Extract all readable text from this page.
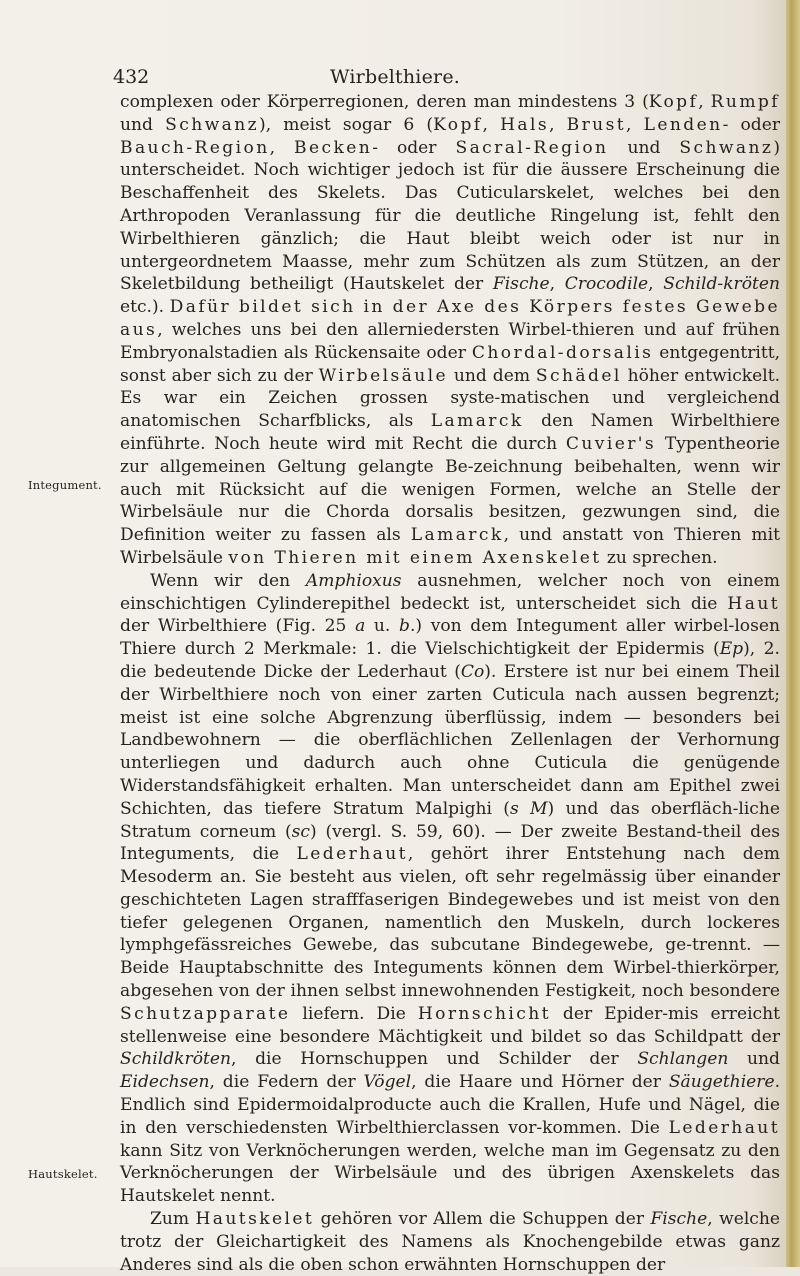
432	Wirbelthiere.
Integument.
Hautskelet.

complexen oder Körperregionen, deren man mindestens 3 (Kopf, Rumpf und Schwanz), meist sogar 6 (Kopf, Hals, Brust, Lenden- oder Bauch-Region, Becken- oder Sacral-Region und Schwanz) unterscheidet. Noch wichtiger jedoch ist für die äussere Erscheinung die Beschaffenheit des Skelets. Das Cuticularskelet, welches bei den Arthropoden Veranlassung für die deutliche Ringelung ist, fehlt den Wirbelthieren gänzlich; die Haut bleibt weich oder ist nur in untergeordnetem Maasse, mehr zum Schützen als zum Stützen, an der Skeletbildung betheiligt (Hautskelet der Fische, Crocodile, Schild-kröten etc.). Dafür bildet sich in der Axe des Körpers festes Gewebe aus, welches uns bei den allerniedersten Wirbel-thieren und auf frühen Embryonalstadien als Rückensaite oder Chordal-dorsalis entgegentritt, sonst aber sich zu der Wirbelsäule und dem Schädel höher entwickelt. Es war ein Zeichen grossen syste-matischen und vergleichend anatomischen Scharfblicks, als Lamarck den Namen Wirbelthiere einführte. Noch heute wird mit Recht die durch Cuvier's Typentheorie zur allgemeinen Geltung gelangte Be-zeichnung beibehalten, wenn wir auch mit Rücksicht auf die wenigen Formen, welche an Stelle der Wirbelsäule nur die Chorda dorsalis besitzen, gezwungen sind, die Definition weiter zu fassen als Lamarck, und anstatt von Thieren mit Wirbelsäule von Thieren mit einem Axenskelet zu sprechen.

Wenn wir den Amphioxus ausnehmen, welcher noch von einem einschichtigen Cylinderepithel bedeckt ist, unterscheidet sich die Haut der Wirbelthiere (Fig. 25 a u. b.) von dem Integument aller wirbel-losen Thiere durch 2 Merkmale: 1. die Vielschichtigkeit der Epidermis (Ep), 2. die bedeutende Dicke der Lederhaut (Co). Erstere ist nur bei einem Theil der Wirbelthiere noch von einer zarten Cuticula nach aussen begrenzt; meist ist eine solche Abgrenzung überflüssig, indem — besonders bei Landbewohnern — die oberflächlichen Zellenlagen der Verhornung unterliegen und dadurch auch ohne Cuticula die genügende Widerstandsfähigkeit erhalten. Man unterscheidet dann am Epithel zwei Schichten, das tiefere Stratum Malpighi (s M) und das oberfläch-liche Stratum corneum (sc) (vergl. S. 59, 60). — Der zweite Bestand-theil des Integuments, die Lederhaut, gehört ihrer Entstehung nach dem Mesoderm an. Sie besteht aus vielen, oft sehr regelmässig über einander geschichteten Lagen strafffaserigen Bindegewebes und ist meist von den tiefer gelegenen Organen, namentlich den Muskeln, durch lockeres lymphgefässreiches Gewebe, das subcutane Bindegewebe, ge-trennt. — Beide Hauptabschnitte des Integuments können dem Wirbel-thierkörper, abgesehen von der ihnen selbst innewohnenden Festigkeit, noch besondere Schutzapparate liefern. Die Hornschicht der Epider-mis erreicht stellenweise eine besondere Mächtigkeit und bildet so das Schildpatt der Schildkröten, die Hornschuppen und Schilder der Schlangen und Eidechsen, die Federn der Vögel, die Haare und Hörner der Säugethiere. Endlich sind Epidermoidalproducte auch die Krallen, Hufe und Nägel, die in den verschiedensten Wirbelthierclassen vor-kommen. Die Lederhaut kann Sitz von Verknöcherungen werden, welche man im Gegensatz zu den Verknöcherungen der Wirbelsäule und des übrigen Axenskelets das Hautskelet nennt.

Zum Hautskelet gehören vor Allem die Schuppen der Fische, welche trotz der Gleichartigkeit des Namens als Knochengebilde etwas ganz Anderes sind als die oben schon erwähnten Hornschuppen der
